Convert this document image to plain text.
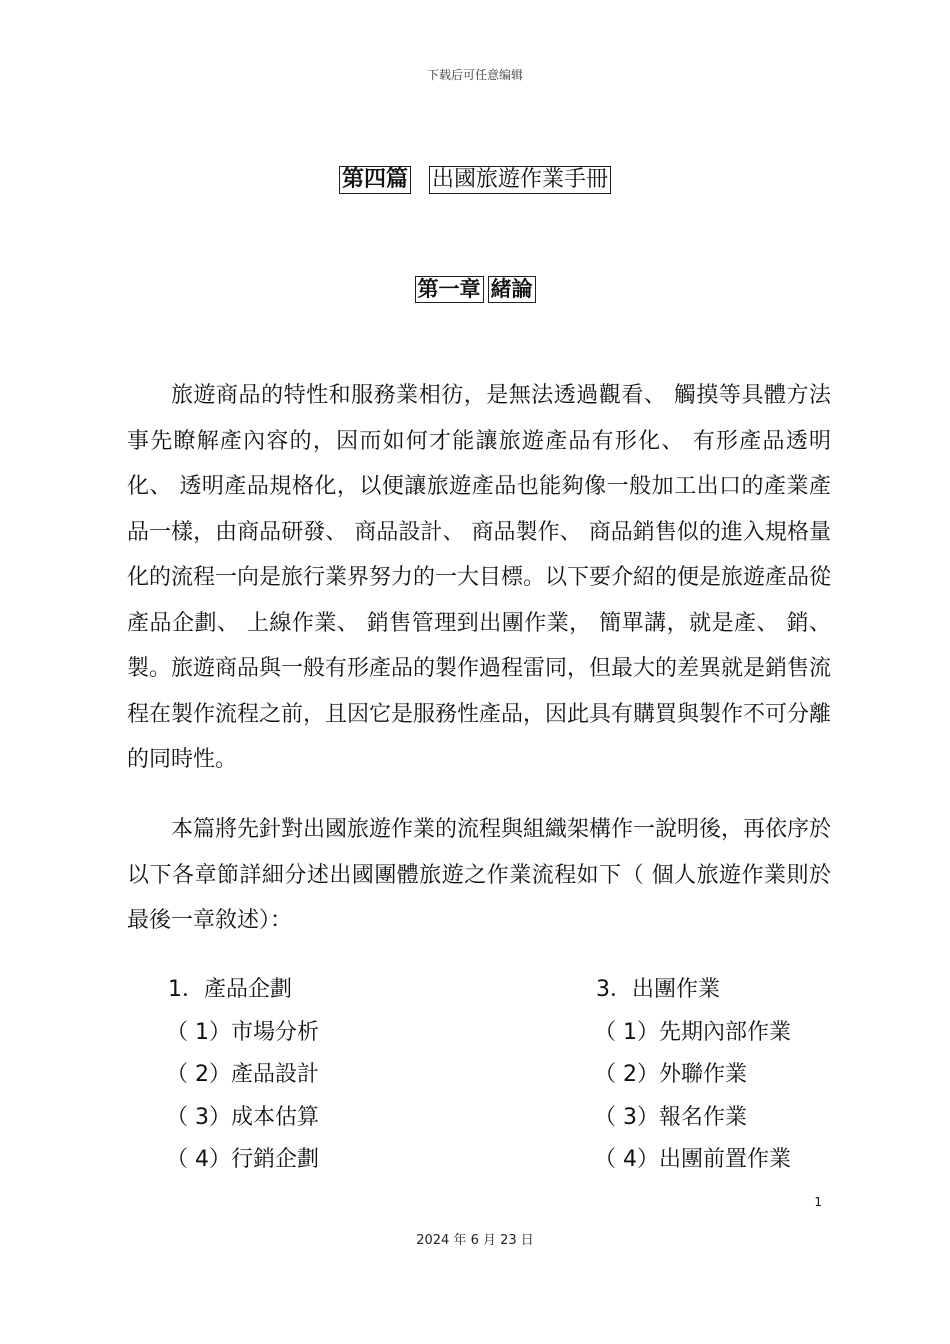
下载后可任意编辑
第四篇 出國旅遊作業手冊
第一章 緒論

旅遊商品的特性和服務業相彷，是無法透過觀看、 觸摸等具體方法事先瞭解產內容的，因而如何才能讓旅遊產品有形化、 有形產品透明化、 透明產品規格化，以便讓旅遊產品也能夠像一般加工出口的產業產品一樣，由商品研發、 商品設計、 商品製作、 商品銷售似的進入規格量化的流程一向是旅行業界努力的一大目標。以下要介紹的便是旅遊產品從產品企劃、 上線作業、 銷售管理到出團作業， 簡單講，就是產、 銷、 製。旅遊商品與一般有形產品的製作過程雷同，但最大的差異就是銷售流程在製作流程之前，且因它是服務性產品，因此具有購買與製作不可分離的同時性。

本篇將先針對出國旅遊作業的流程與組織架構作一說明後，再依序於以下各章節詳細分述出國團體旅遊之作業流程如下（ 個人旅遊作業則於最後一章敘述）：

1．產品企劃
（ 1）市場分析
（ 2）產品設計
（ 3）成本估算
（ 4）行銷企劃
3．出團作業
（ 1）先期內部作業
（ 2）外聯作業
（ 3）報名作業
（ 4）出團前置作業
1
2024 年 6 月 23 日
